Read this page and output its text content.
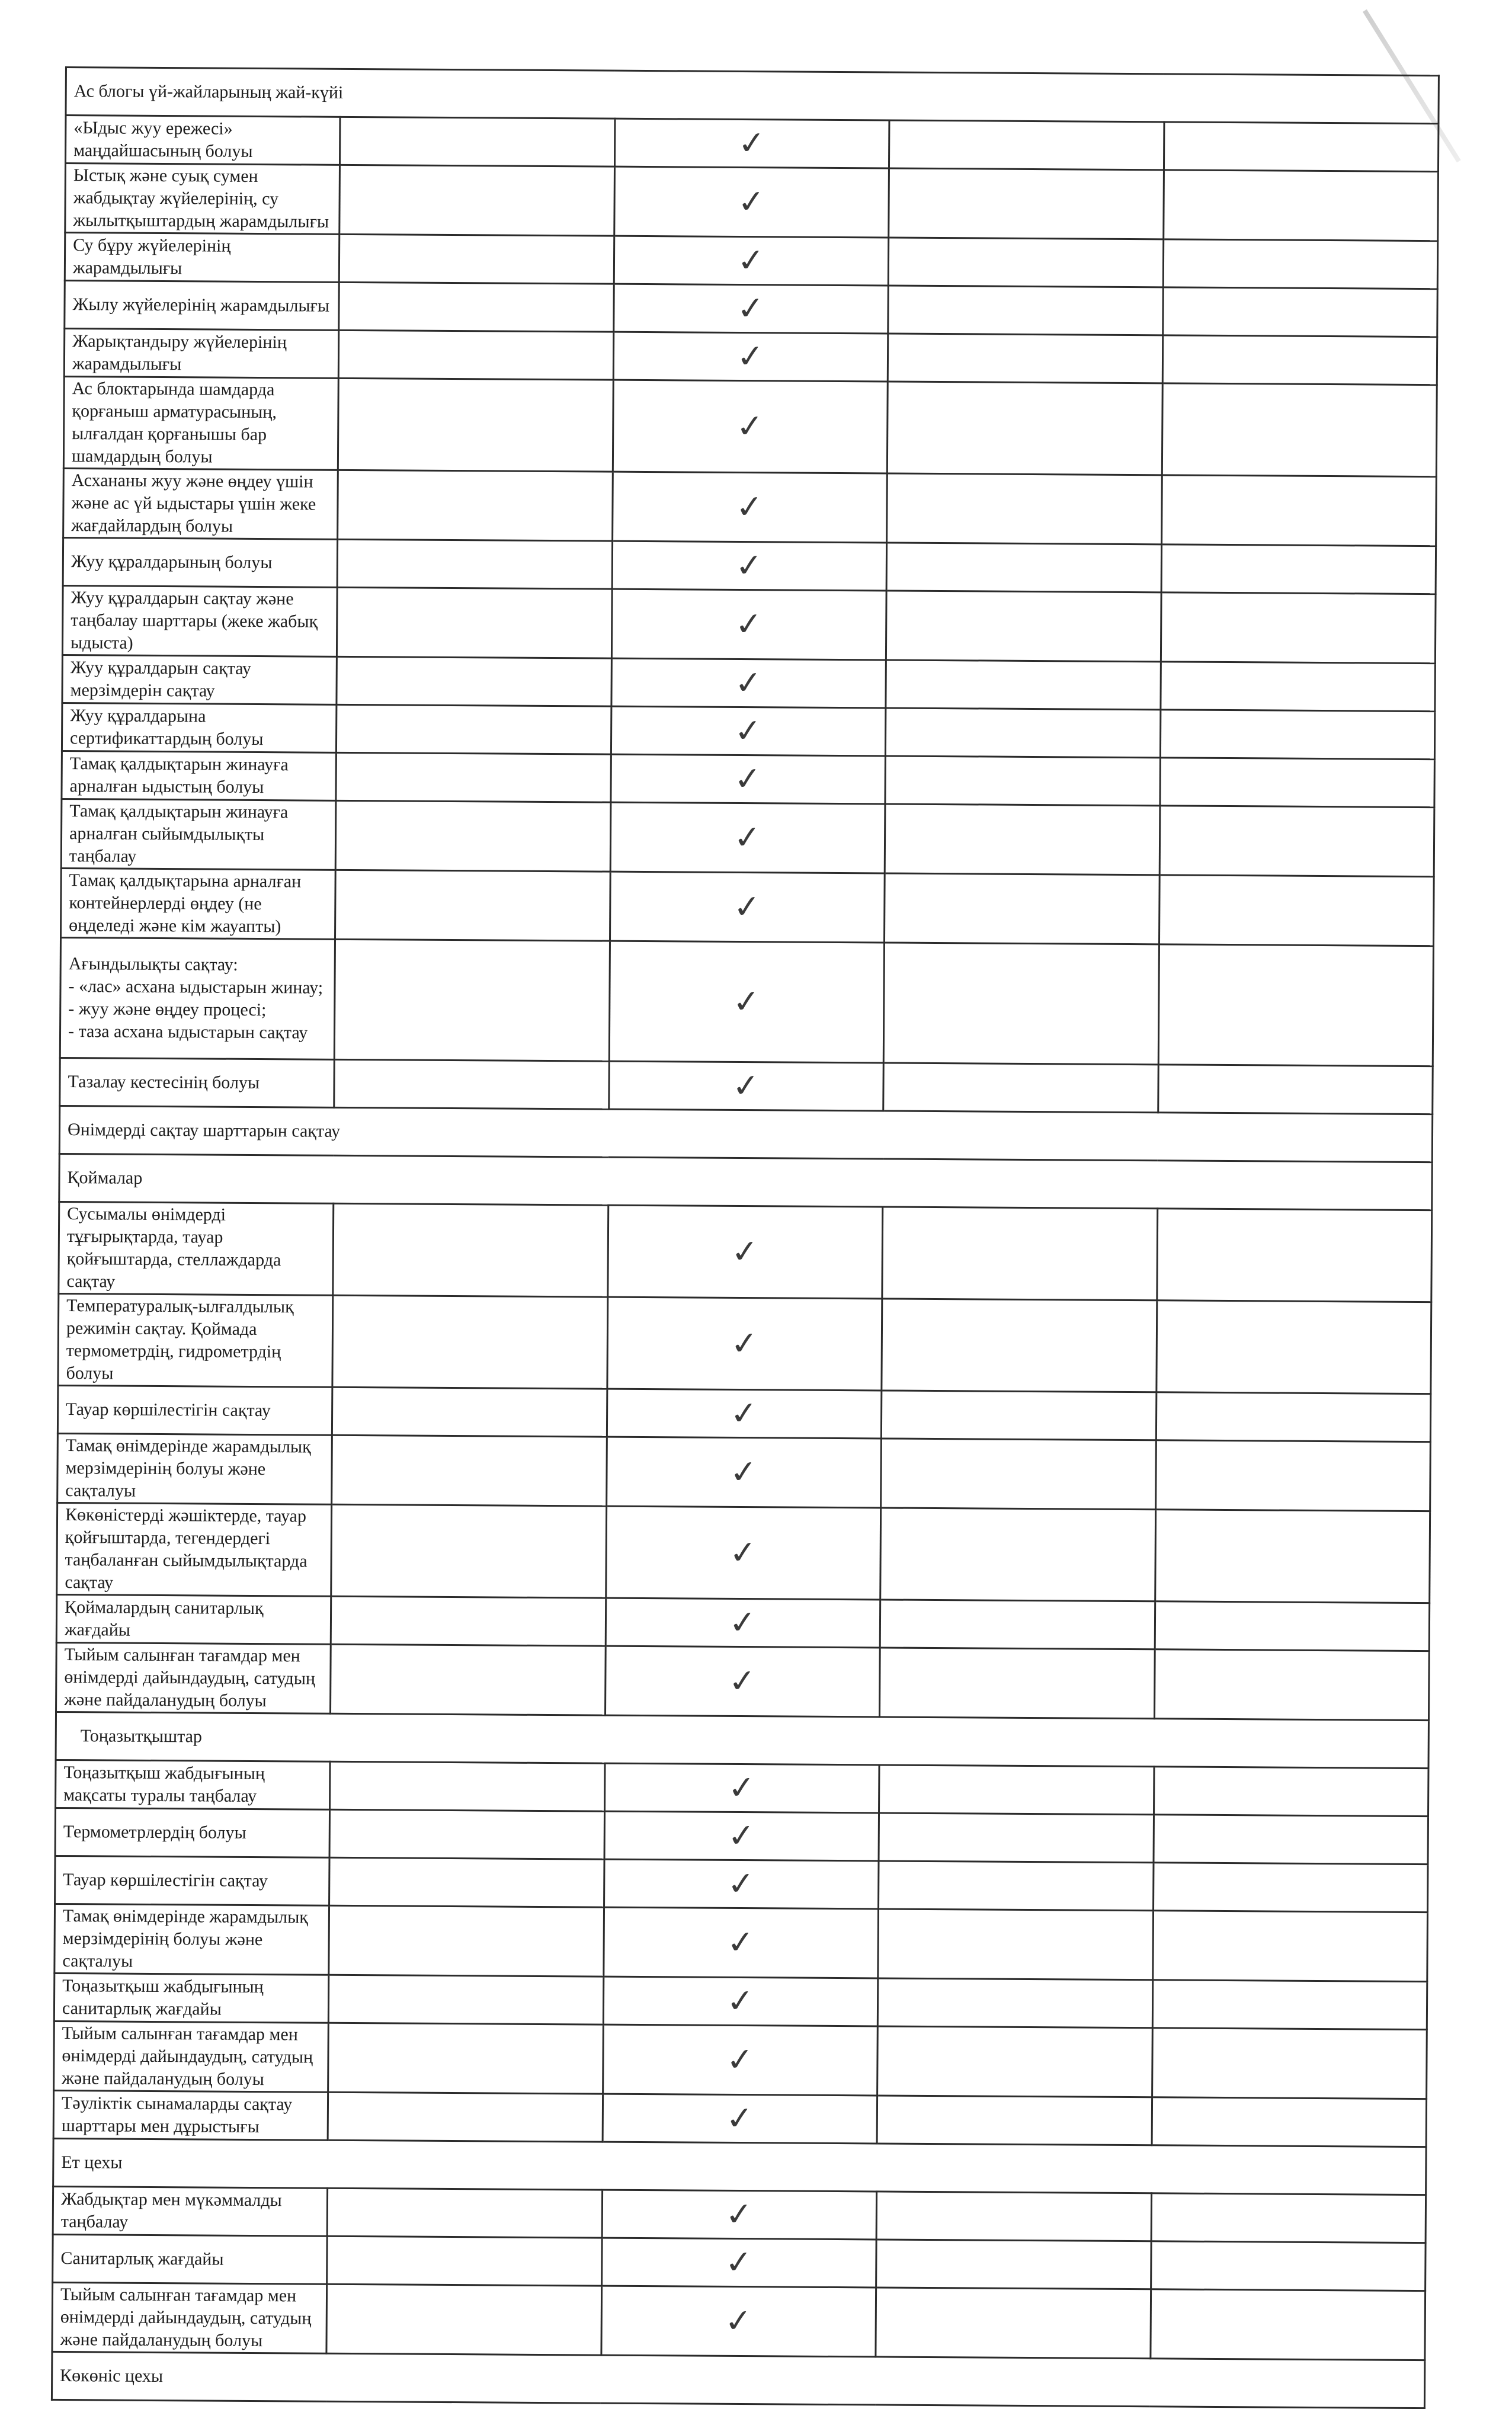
Ас блогы үй-жайларының жай-күйі				
«Ыдыс жуу ережесі» маңдайшасының болуы		✓		
Ыстық және суық сумен жабдықтау жүйелерінің, су жылытқыштардың жарамдылығы		✓		
Су бұру жүйелерінің жарамдылығы		✓		
Жылу жүйелерінің жарамдылығы		✓		
Жарықтандыру жүйелерінің жарамдылығы		✓		
Ас блоктарында шамдарда қорғаныш арматурасының, ылғалдан қорғанышы бар шамдардың болуы		✓		
Асхананы жуу және өңдеу үшін және ас үй ыдыстары үшін жеке жағдайлардың болуы		✓		
Жуу құралдарының болуы		✓		
Жуу құралдарын сақтау және таңбалау шарттары (жеке жабық ыдыста)		✓		
Жуу құралдарын сақтау мерзімдерін сақтау		✓		
Жуу құралдарына сертификаттардың болуы		✓		
Тамақ қалдықтарын жинауға арналған ыдыстың болуы		✓		
Тамақ қалдықтарын жинауға арналған сыйымдылықты таңбалау		✓		
Тамақ қалдықтарына арналған контейнерлерді өңдеу (не өңделеді және кім жауапты)		✓		

Ағындылықты сақтау:
- «лас» асхана ыдыстарын жинау;
- жуу және өңдеу процесі;
- таза асхана ыдыстарын сақтау		✓		
Тазалау кестесінің болуы		✓		
Өнімдерді сақтау шарттарын сақтау				
Қоймалар				
Сусымалы өнімдерді тұғырықтарда, тауар қойғыштарда, стеллаждарда сақтау		✓		
Температуралық-ылғалдылық режимін сақтау. Қоймада термометрдің, гидрометрдің болуы		✓		
Тауар көршілестігін сақтау		✓		
Тамақ өнімдерінде жарамдылық мерзімдерінің болуы және сақталуы		✓		
Көкөністерді жәшіктерде, тауар қойғыштарда, тегендердегі таңбаланған сыйымдылықтарда сақтау		✓		
Қоймалардың санитарлық жағдайы		✓		
Тыйым салынған тағамдар мен өнімдерді дайындаудың, сатудың және пайдаланудың болуы		✓		
Тоңазытқыштар				
Тоңазытқыш жабдығының мақсаты туралы таңбалау		✓		
Термометрлердің болуы		✓		
Тауар көршілестігін сақтау		✓		
Тамақ өнімдерінде жарамдылық мерзімдерінің болуы және сақталуы		✓		
Тоңазытқыш жабдығының санитарлық жағдайы		✓		
Тыйым салынған тағамдар мен өнімдерді дайындаудың, сатудың және пайдаланудың болуы		✓		
Тәуліктік сынамаларды сақтау шарттары мен дұрыстығы		✓		
Ет цехы				
Жабдықтар мен мүкәммалды таңбалау		✓		
Санитарлық жағдайы		✓		
Тыйым салынған тағамдар мен өнімдерді дайындаудың, сатудың және пайдаланудың болуы		✓		
Көкөніс цехы				
